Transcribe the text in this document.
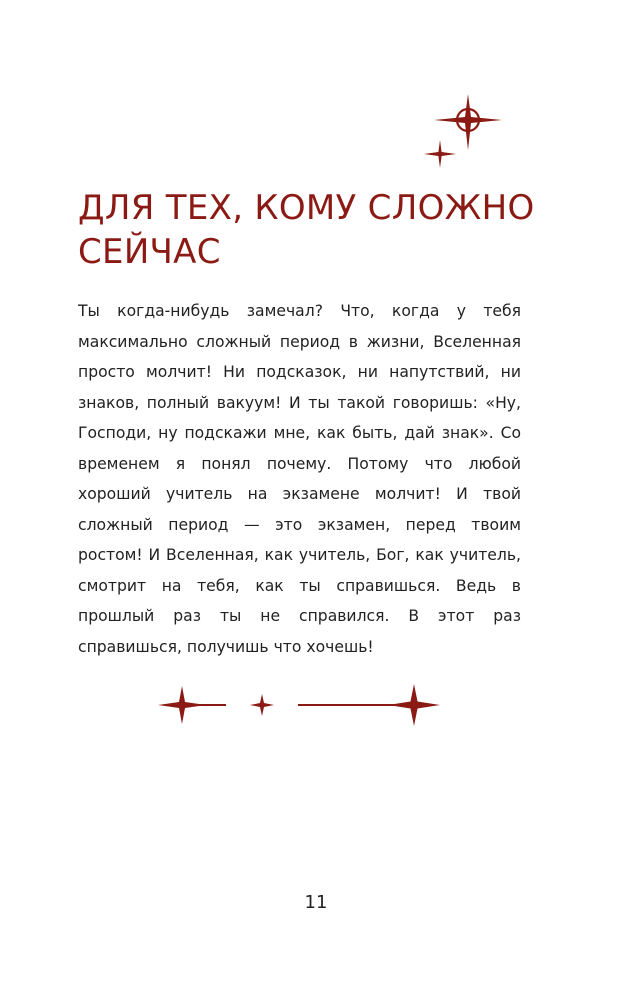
ДЛЯ ТЕХ, КОМУ СЛОЖНО СЕЙЧАС

Ты когда-нибудь замечал? Что, когда у тебя максимально сложный период в жизни, Вселенная просто молчит! Ни подсказок, ни напутствий, ни знаков, полный вакуум! И ты такой говоришь: «Ну, Господи, ну подскажи мне, как быть, дай знак». Со временем я понял почему. Потому что любой хороший учитель на экзамене молчит! И твой сложный период — это экзамен, перед твоим ростом! И Вселенная, как учитель, Бог, как учитель, смотрит на тебя, как ты справишься. Ведь в прошлый раз ты не справился. В этот раз справишься, получишь что хочешь!

11
